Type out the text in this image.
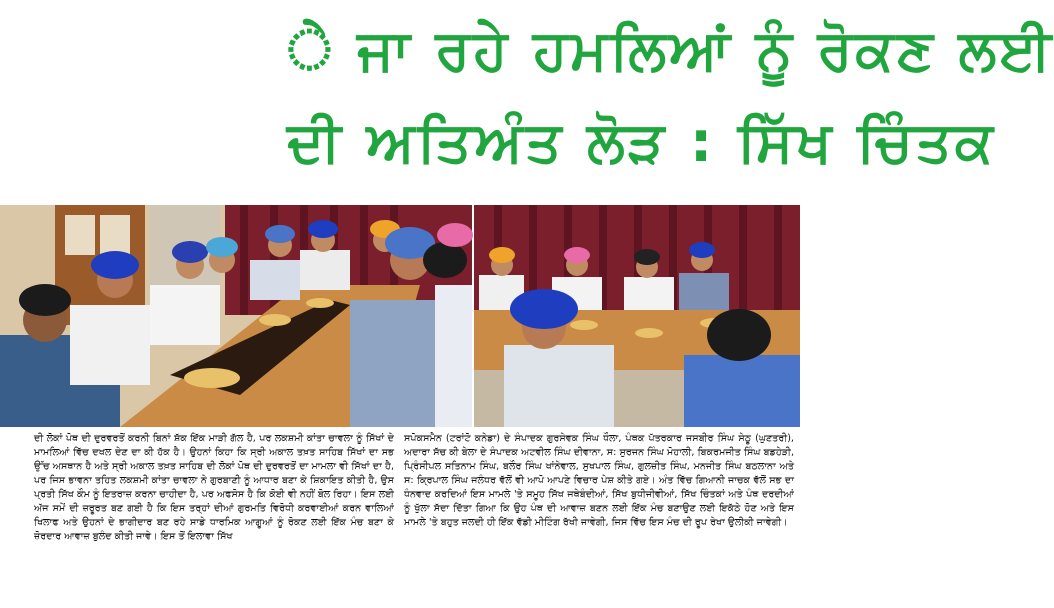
ੇ ਜਾ ਰਹੇ ਹਮਲਿਆਂ ਨੂੰ ਰੋਕਣ ਲਈ
ਦੀ ਅਤਿਅੰਤ ਲੋੜ : ਸਿੱਖ ਚਿੰਤਕ

ਦੀ ਲੋਕਾਂ ਪੋਥ ਦੀ ਦੁਰਵਰਤੋਂ ਕਰਨੀ ਬਿਨਾਂ ਸ਼ੱਕ ਇੱਕ ਮਾੜੀ ਗੱਲ ਹੈ, ਪਰ ਲਕਸ਼ਮੀ ਕਾਂਤਾ ਚਾਵਲਾ ਨੂੰ ਸਿੱਖਾਂ ਦੇ ਮਾਮਲਿਆਂ ਵਿੱਚ ਦਖਲ ਦੇਣ ਦਾ ਕੀ ਹੱਕ ਹੈ। ਉਹਨਾਂ ਕਿਹਾ ਕਿ ਸ੍ਰੀ ਅਕਾਲ ਤਖ਼ਤ ਸਾਹਿਬ ਸਿੱਖਾਂ ਦਾ ਸਭ ਉੱਚ ਅਸਥਾਨ ਹੈ ਅਤੇ ਸ੍ਰੀ ਅਕਾਲ ਤਖ਼ਤ ਸਾਹਿਬ ਦੀ ਲੋਕਾਂ ਪੋਥ ਦੀ ਦੁਰਵਰਤੋਂ ਦਾ ਮਾਮਲਾ ਵੀ ਸਿੱਖਾਂ ਦਾ ਹੈ, ਪਰ ਜਿਸ ਭਾਵਨਾ ਤਹਿਤ ਲਕਸ਼ਮੀ ਕਾਂਤਾ ਚਾਵਲਾ ਨੇ ਗੁਰਬਾਣੀ ਨੂੰ ਆਧਾਰ ਬਣਾ ਕੇ ਸ਼ਿਕਾਇਤ ਕੀਤੀ ਹੈ, ਉਸ ਪ੍ਰਤੀ ਸਿੱਖ ਕੌਮ ਨੂੰ ਇਤਰਾਜ਼ ਕਰਨਾ ਚਾਹੀਦਾ ਹੈ, ਪਰ ਅਫਸੋਸ ਹੈ ਕਿ ਕੋਈ ਵੀ ਨਹੀਂ ਬੋਲ ਰਿਹਾ। ਇਸ ਲਈ ਅੱਜ ਸਮੇਂ ਦੀ ਜ਼ਰੂਰਤ ਬਣ ਗਈ ਹੈ ਕਿ ਇਸ ਤਰ੍ਹਾਂ ਦੀਆਂ ਗੁਰਮਤਿ ਵਿਰੋਧੀ ਕਰਵਾਈਆਂ ਕਰਨ ਵਾਲਿਆਂ ਖਿਲਾਫ ਅਤੇ ਉਹਨਾਂ ਦੇ ਭਾਗੀਦਾਰ ਬਣ ਰਹੇ ਸਾਡੇ ਧਾਰਮਿਕ ਆਗੂਆਂ ਨੂੰ ਰੋਕਣ ਲਈ ਇੱਕ ਮੰਚ ਬਣਾ ਕੇ ਜ਼ੋਰਦਾਰ ਆਵਾਜ਼ ਬੁਲੰਦ ਕੀਤੀ ਜਾਵੇ। ਇਸ ਤੋਂ ਇਲਾਵਾ ਸਿੱਖ

ਸਪੋਕਸਮੈਨ (ਟਰਾਂਟੋ ਕਨੇਡਾ) ਦੇ ਸੰਪਾਦਕ ਗੁਰਸੇਵਕ ਸਿੰਘ ਧੌਲਾ, ਪੰਥਕ ਪੱਤਰਕਾਰ ਜਸਬੀਰ ਸਿੰਘ ਸੇਠੂ (ਘੁਣਤਰੀ), ਅਦਾਰਾ ਸੱਚ ਕੀ ਬੇਲਾ ਦੇ ਸੰਪਾਦਕ ਅਟਵੀਲ ਸਿੰਘ ਦੀਵਾਨਾ, ਸ: ਸੁਰਜਨ ਸਿੰਘ ਮੋਹਾਲੀ, ਬਿਕਰਮਜੀਤ ਸਿੰਘ ਬਡਹੇੜੀ, ਪ੍ਰਿੰਸੀਪਲ ਸਤਿਨਾਮ ਸਿੰਘ, ਬਲੌਰ ਸਿੰਘ ਖਾਂਨੇਵਾਲ, ਸੁਖਪਾਲ ਸਿੰਘ, ਗੁਲਜ਼ੀਤ ਸਿੰਘ, ਮਨਜੀਤ ਸਿੰਘ ਬਠਲਾਨਾ ਅਤੇ ਸ: ਕ੍ਰਿਪਾਲ ਸਿੰਘ ਜਲੰਧਰ ਵੱਲੋਂ ਵੀ ਆਪੋ ਆਪਣੇ ਵਿਚਾਰ ਪੇਸ਼ ਕੀਤੇ ਗਏ। ਅੰਤ ਵਿੱਚ ਗਿਆਨੀ ਜਾਚਕ ਵੱਲੋਂ ਸਭ ਦਾ ਧੰਨਵਾਦ ਕਰਦਿਆਂ ਇਸ ਮਾਮਲੇ 'ਤੇ ਸਮੂਹ ਸਿੱਖ ਜਥੇਬੰਦੀਆਂ, ਸਿੱਖ ਬੁਧੀਜੀਵੀਆਂ, ਸਿੱਖ ਚਿੰਤਕਾਂ ਅਤੇ ਪੰਥ ਦਰਦੀਆਂ ਨੂੰ ਖੁੱਲਾ ਸੱਦਾ ਦਿੱਤਾ ਗਿਆ ਕਿ ਉਹ ਪੰਥ ਦੀ ਆਵਾਜ਼ ਬਣਨ ਲਈ ਇੱਕ ਮੰਚ ਬਣਾਉਣ ਲਈ ਇਕੱਠੇ ਹੋਣ ਅਤੇ ਇਸ ਮਾਮਲੇ 'ਤੇ ਬਹੁਤ ਜਲਦੀ ਹੀ ਇੱਕ ਵੱਡੀ ਮੀਟਿੰਗ ਰੱਖੀ ਜਾਵੇਗੀ, ਜਿਸ ਵਿੱਚ ਇਸ ਮੰਚ ਦੀ ਰੂਪ ਰੇਖਾ ਉਲੀਕੀ ਜਾਵੇਗੀ।
